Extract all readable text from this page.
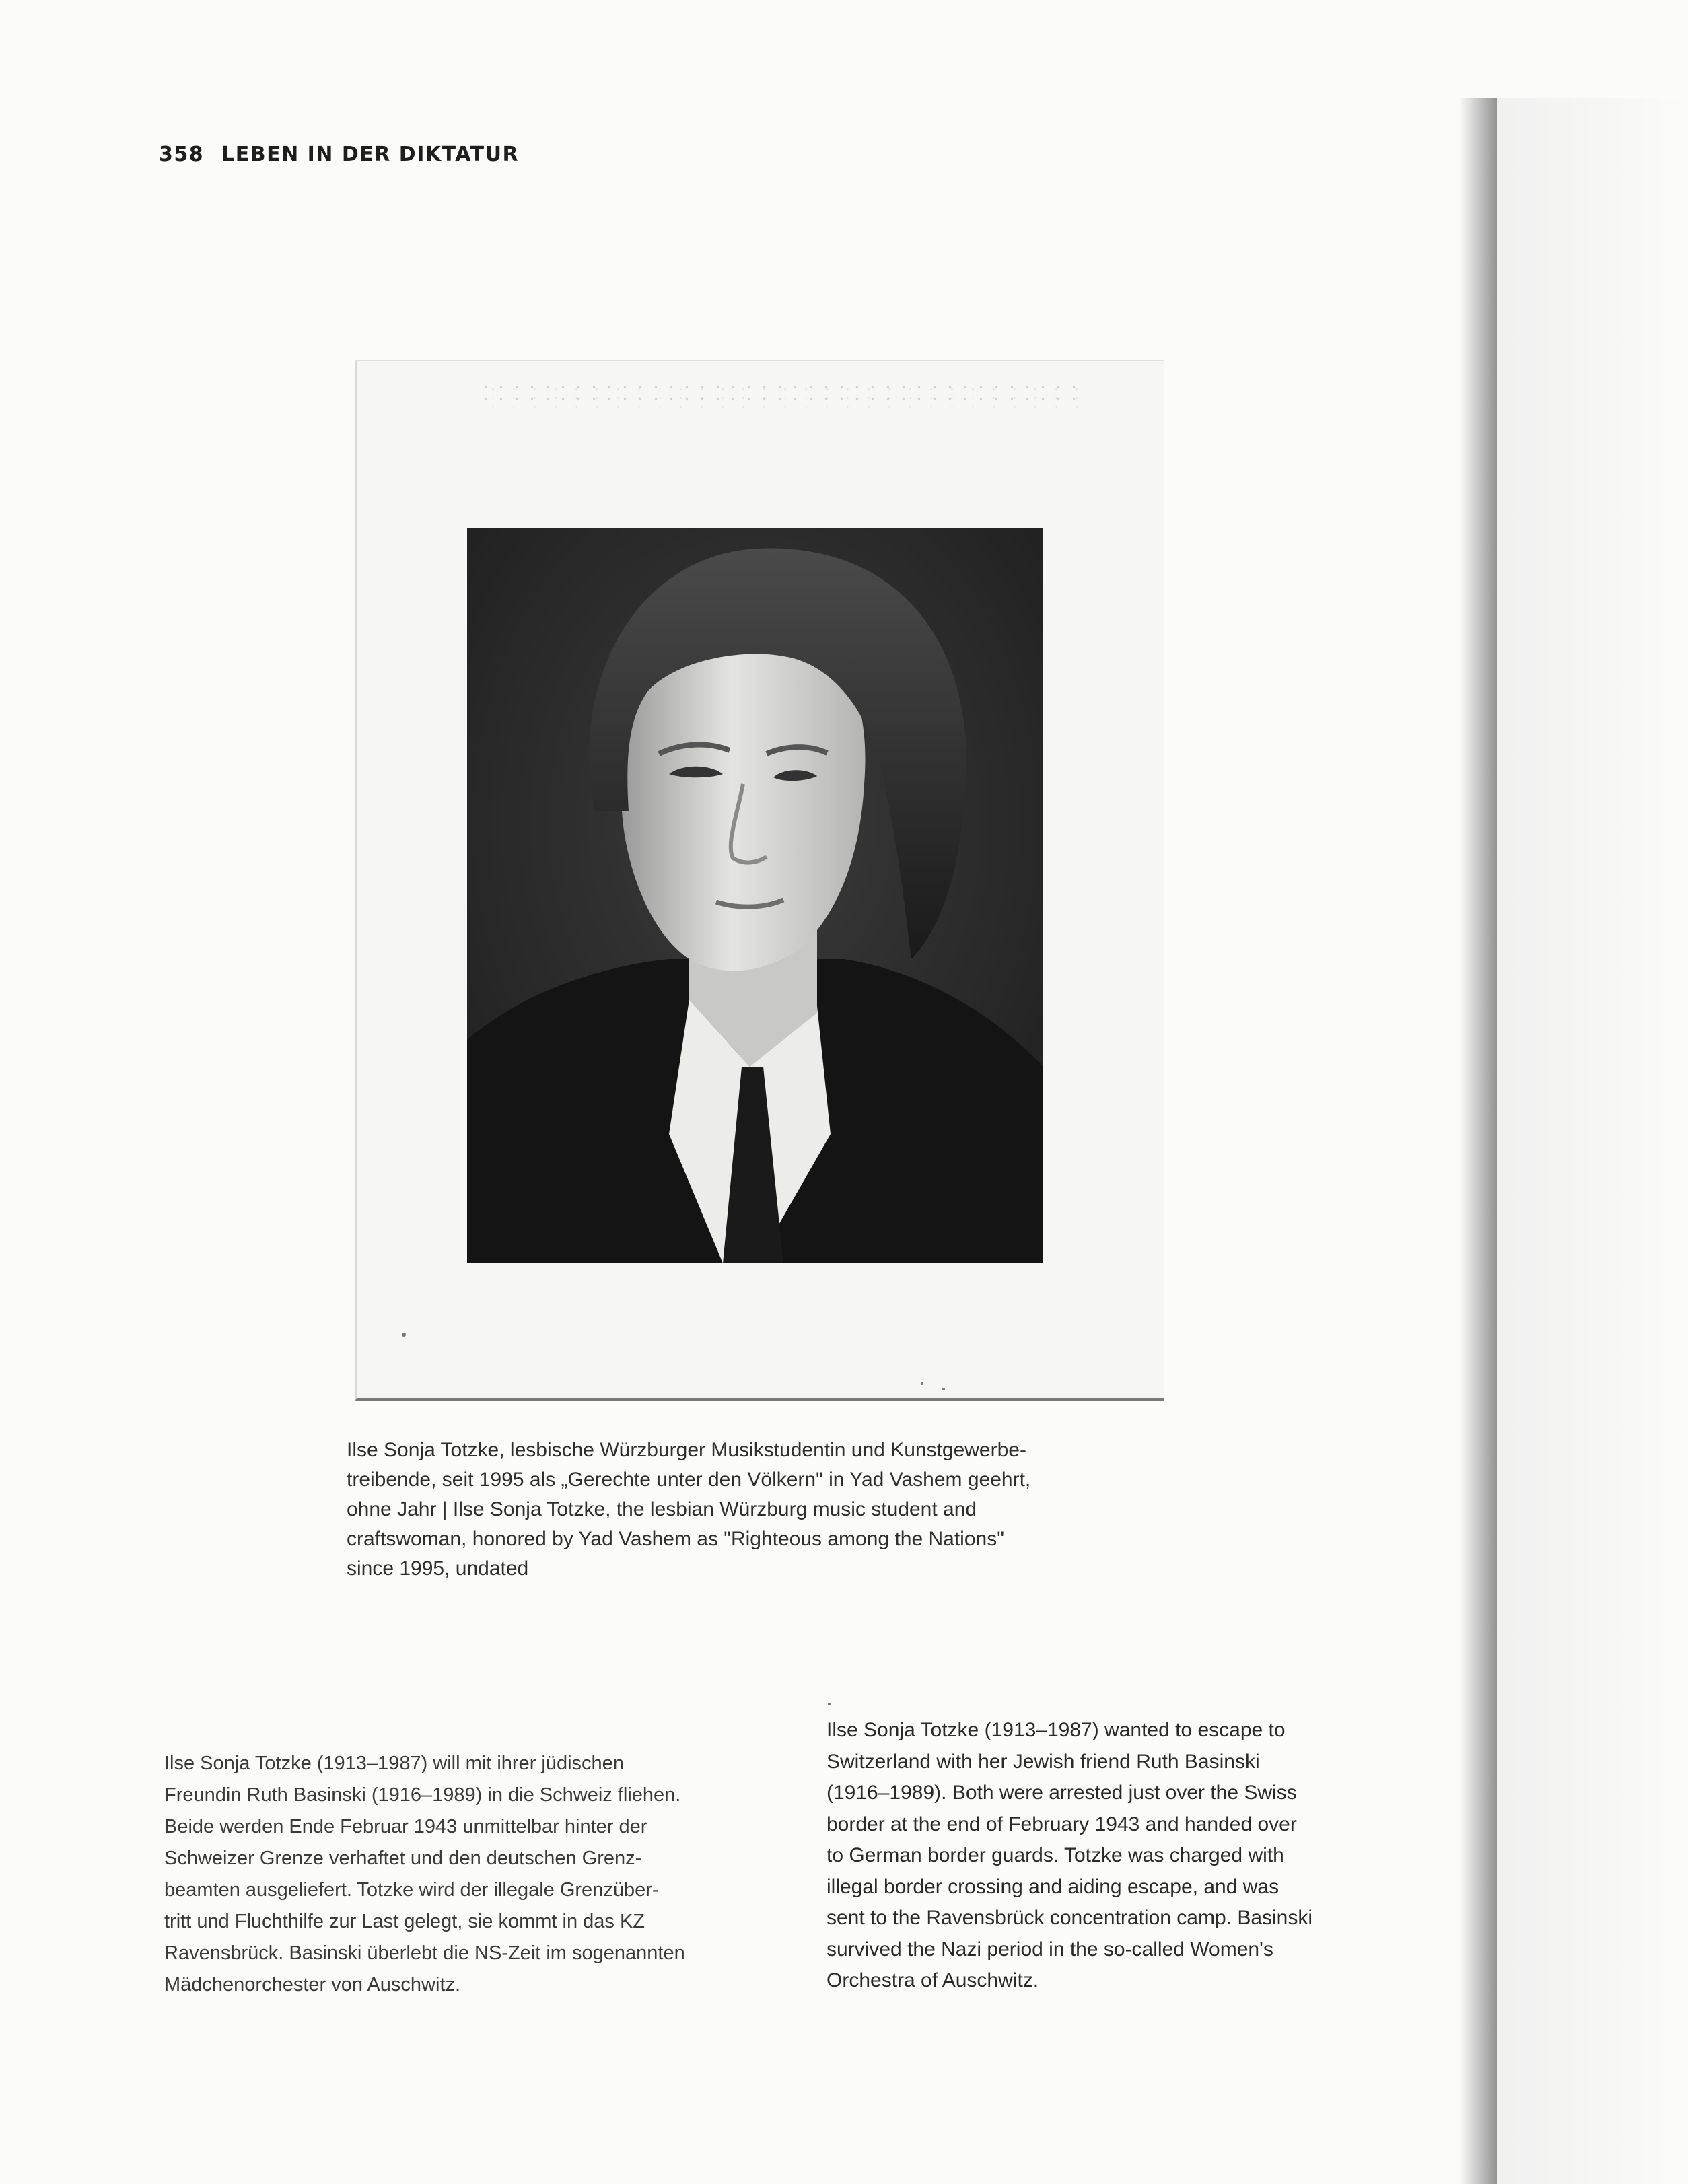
358 LEBEN IN DER DIKTATUR
Ilse Sonja Totzke, lesbische Würzburger Musikstudentin und Kunstgewerbe-
treibende, seit 1995 als „Gerechte unter den Völkern" in Yad Vashem geehrt,
ohne Jahr | Ilse Sonja Totzke, the lesbian Würzburg music student and
craftswoman, honored by Yad Vashem as "Righteous among the Nations"
since 1995, undated
Ilse Sonja Totzke (1913–1987) will mit ihrer jüdischen
Freundin Ruth Basinski (1916–1989) in die Schweiz fliehen.
Beide werden Ende Februar 1943 unmittelbar hinter der
Schweizer Grenze verhaftet und den deutschen Grenz-
beamten ausgeliefert. Totzke wird der illegale Grenzüber-
tritt und Fluchthilfe zur Last gelegt, sie kommt in das KZ
Ravensbrück. Basinski überlebt die NS-Zeit im sogenannten
Mädchenorchester von Auschwitz.
Ilse Sonja Totzke (1913–1987) wanted to escape to
Switzerland with her Jewish friend Ruth Basinski
(1916–1989). Both were arrested just over the Swiss
border at the end of February 1943 and handed over
to German border guards. Totzke was charged with
illegal border crossing and aiding escape, and was
sent to the Ravensbrück concentration camp. Basinski
survived the Nazi period in the so-called Women's
Orchestra of Auschwitz.
